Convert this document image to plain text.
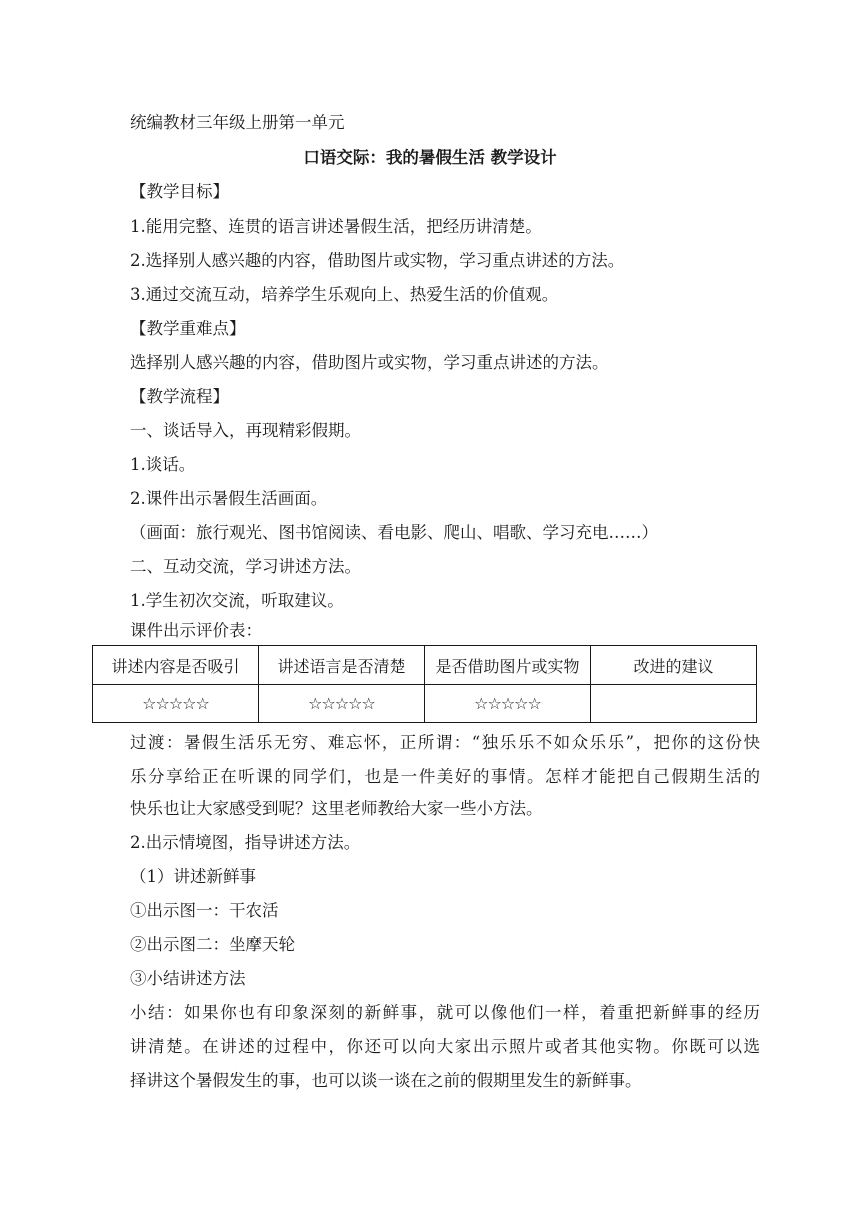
统编教材三年级上册第一单元
口语交际：我的暑假生活 教学设计
【教学目标】
1.能用完整、连贯的语言讲述暑假生活，把经历讲清楚。
2.选择别人感兴趣的内容，借助图片或实物，学习重点讲述的方法。
3.通过交流互动，培养学生乐观向上、热爱生活的价值观。
【教学重难点】
选择别人感兴趣的内容，借助图片或实物，学习重点讲述的方法。
【教学流程】
一、谈话导入，再现精彩假期。
1.谈话。
2.课件出示暑假生活画面。
（画面：旅行观光、图书馆阅读、看电影、爬山、唱歌、学习充电……）
二、互动交流，学习讲述方法。
1.学生初次交流，听取建议。
课件出示评价表：
讲述内容是否吸引	讲述语言是否清楚	是否借助图片或实物	改进的建议
☆☆☆☆☆	☆☆☆☆☆	☆☆☆☆☆	
过渡：暑假生活乐无穷、难忘怀，正所谓：“独乐乐不如众乐乐”，把你的这份快
乐分享给正在听课的同学们，也是一件美好的事情。怎样才能把自己假期生活的
快乐也让大家感受到呢？这里老师教给大家一些小方法。
2.出示情境图，指导讲述方法。
（1）讲述新鲜事
①出示图一：干农活
②出示图二：坐摩天轮
③小结讲述方法
小结：如果你也有印象深刻的新鲜事，就可以像他们一样，着重把新鲜事的经历
讲清楚。在讲述的过程中，你还可以向大家出示照片或者其他实物。你既可以选
择讲这个暑假发生的事，也可以谈一谈在之前的假期里发生的新鲜事。
